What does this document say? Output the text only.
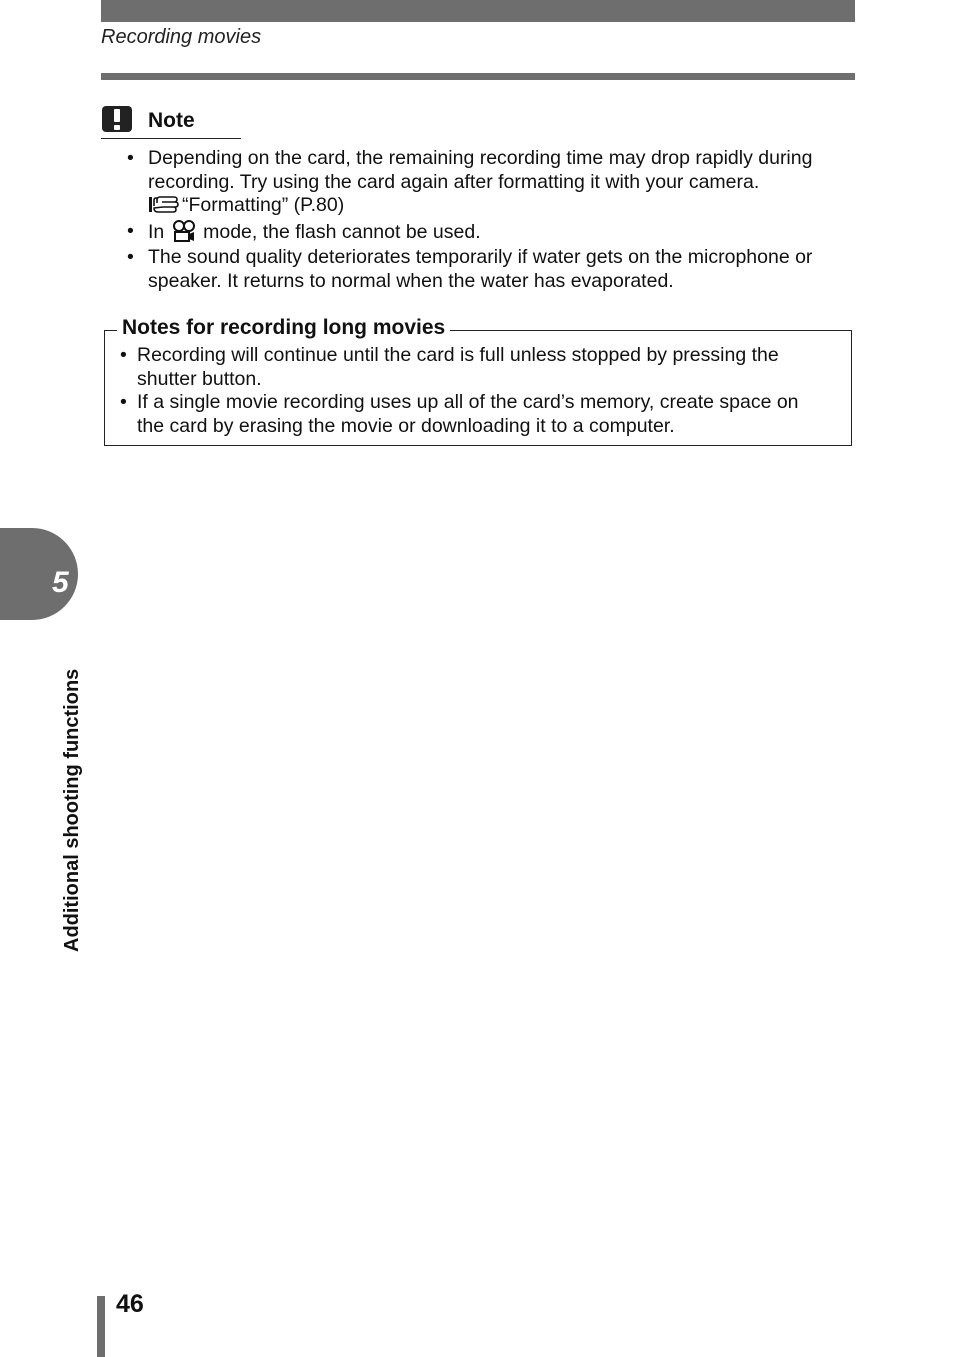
Recording movies
Note
• Depending on the card, the remaining recording time may drop rapidly during
recording. Try using the card again after formatting it with your camera.
“Formatting” (P.80)
• In mode, the flash cannot be used.
• The sound quality deteriorates temporarily if water gets on the microphone or
speaker. It returns to normal when the water has evaporated.
Notes for recording long movies
• Recording will continue until the card is full unless stopped by pressing the
shutter button.
• If a single movie recording uses up all of the card’s memory, create space on
the card by erasing the movie or downloading it to a computer.
5
Additional shooting functions
46
